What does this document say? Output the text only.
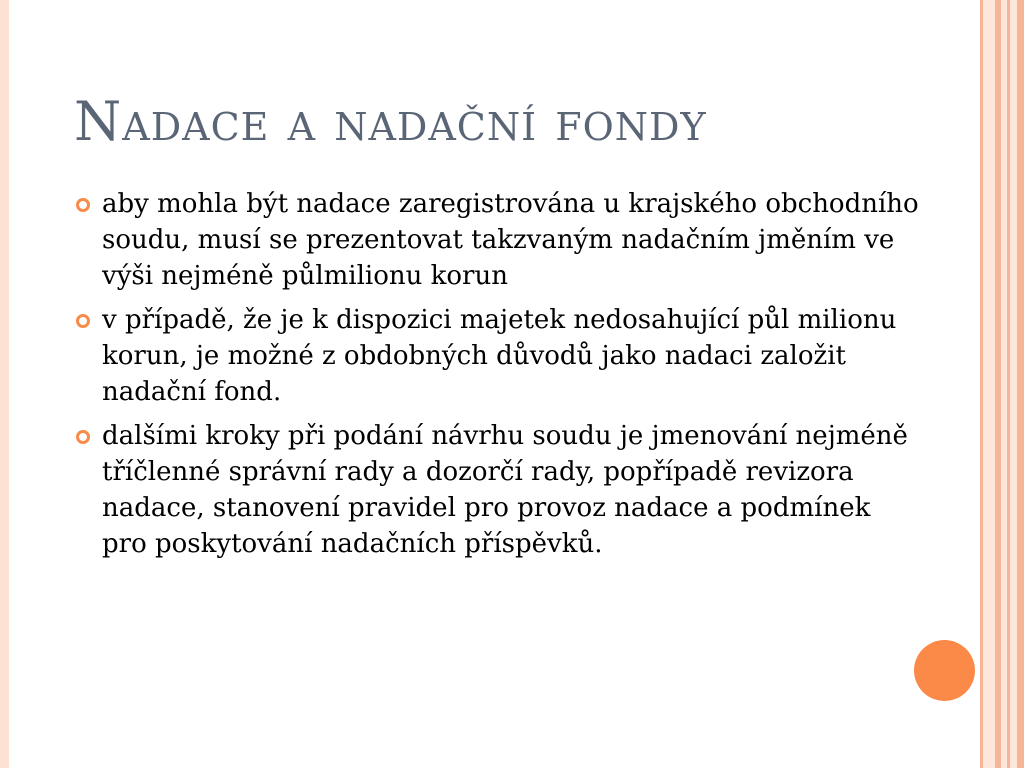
Nadace a nadační fondy
aby mohla být nadace zaregistrována u krajského obchodního soudu, musí se prezentovat takzvaným nadačním jměním ve výši nejméně půlmilionu korun
v případě, že je k dispozici majetek nedosahující půl milionu korun, je možné z obdobných důvodů jako nadaci založit nadační fond.
dalšími kroky při podání návrhu soudu je jmenování nejméně tříčlenné správní rady a dozorčí rady, popřípadě revizora nadace, stanovení pravidel pro provoz nadace a podmínek pro poskytování nadačních příspěvků.
